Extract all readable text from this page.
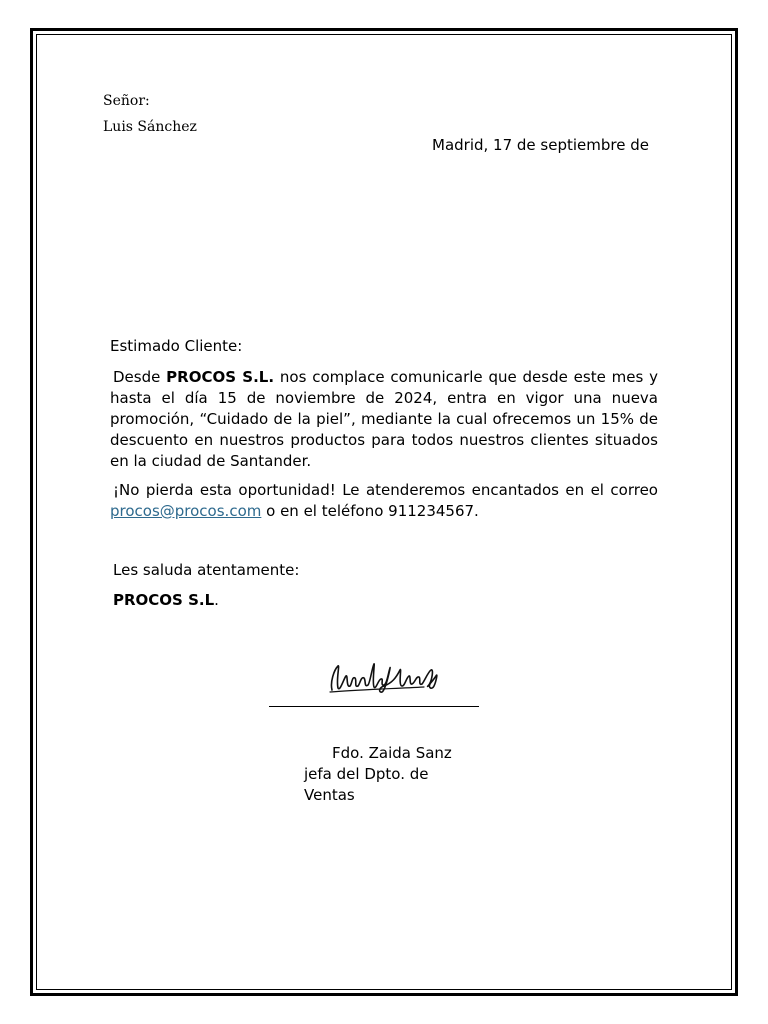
Señor:
Luis Sánchez
Madrid, 17 de septiembre de
Estimado Cliente:
Desde PROCOS S.L. nos complace comunicarle que desde este mes y hasta el día 15 de noviembre de 2024, entra en vigor una nueva promoción, “Cuidado de la piel”, mediante la cual ofrecemos un 15% de descuento en nuestros productos para todos nuestros clientes situados en la ciudad de Santander.
¡No pierda esta oportunidad! Le atenderemos encantados en el correo procos@procos.com o en el teléfono 911234567.
Les saluda atentamente:
PROCOS S.L.
Fdo. Zaida Sanz
jefa del Dpto. de Ventas
